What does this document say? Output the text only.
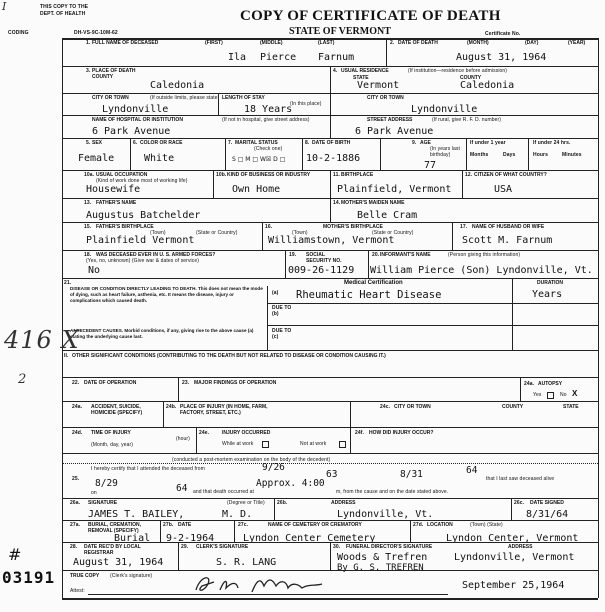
I	THIS COPY TO THE
DEPT. OF HEALTH
CODING	DH-VS-9C-10M-62
COPY OF CERTIFICATE OF DEATH
STATE OF VERMONT	Certificate No.
1. FULL NAME OF DECEASED	(FIRST)	(MIDDLE)	(LAST)	2. DATE OF DEATH	(MONTH)	(DAY)	(YEAR)
Ila Pierce Farnum	August 31, 1964
3. PLACE OF DEATH
COUNTY
Caledonia
4. USUAL RESIDENCE	(If institution—residence before admission)
STATE	COUNTY
Vermont	Caledonia
CITY OR TOWN	(If outside limits, please state) LENGTH OF STAY
(In this place)
Lyndonville	18 Years
CITY OR TOWN
Lyndonville
NAME OF HOSPITAL OR INSTITUTION	(If not in hospital, give street address)
6 Park Avenue
STREET ADDRESS	(If rural, give R. F. D. number)
6 Park Avenue
5. SEX
Female
6. COLOR OR RACE
White
7. MARITAL STATUS
(Check one)
S □ M □ W☒ D □
8. DATE OF BIRTH
10-2-1886
9. AGE
(In years last birthday)
77
If under 1 year
Months	Days
If under 24 hrs.
Hours	Minutes
10a. USUAL OCCUPATION
(Kind of work done most of working life)
Housewife
10b. KIND OF BUSINESS OR INDUSTRY
Own Home
11. BIRTHPLACE
Plainfield, Vermont
12. CITIZEN OF WHAT COUNTRY?
USA
13. FATHER'S NAME
Augustus Batchelder
14. MOTHER'S MAIDEN NAME
Belle Cram
15. FATHER'S BIRTHPLACE
(Town)	(State or Country)
Plainfield Vermont
16.	MOTHER'S BIRTHPLACE
(Town)	(State or Country)
Williamstown, Vermont
17. NAME OF HUSBAND OR WIFE
Scott M. Farnum
18. WAS DECEASED EVER IN U. S. ARMED FORCES?
(Yes, no, unknown) (Give war & dates of service)
No
19. SOCIAL SECURITY NO.
009-26-1129
20. INFORMANT'S NAME	(Person giving this information)
William Pierce (Son) Lyndonville, Vt.
21.
DISEASE OR CONDITION DIRECTLY LEADING TO DEATH. This does not mean the mode of dying, such as heart failure, asthenia, etc. It means the disease, injury or complications which caused death.
Medical Certification	DURATION
(a) Rheumatic Heart Disease	Years
DUE TO
(b)
ANTECEDENT CAUSES. Morbid conditions, if any, giving rise to the above cause (a) stating the underlying cause last.
DUE TO
(c)
II. OTHER SIGNIFICANT CONDITIONS (CONTRIBUTING TO THE DEATH BUT NOT RELATED TO DISEASE OR CONDITION CAUSING IT.)
22. DATE OF OPERATION	23. MAJOR FINDINGS OF OPERATION	24a. AUTOPSY
Yes	No X
24a. ACCIDENT, SUICIDE, HOMICIDE (SPECIFY)
24b. PLACE OF INJURY (IN HOME, FARM, FACTORY, STREET, ETC.)
24c. CITY OR TOWN	COUNTY	STATE
24d. TIME OF INJURY
(Month, day, year)
(hour)
24e.	INJURY OCCURRED
While at work	Not at work
24f. HOW DID INJURY OCCUR?
(conducted a post-mortem examination on the body of the decedent)
25.
I hereby certify that I attended the deceased from	9/26
63	8/31	64
that I last saw deceased alive
8/29
on	64 and that death occurred at
Approx. 4:00
m, from the cause and on the date stated above.
26a. SIGNATURE	(Degree or Title)
JAMES T. BAILEY,	M. D.
26b.	ADDRESS
Lyndonville, Vt.
26c. DATE SIGNED
8/31/64
27a. BURIAL, CREMATION, REMOVAL (SPECIFY)
Burial
27b. DATE
9-2-1964
27c.	NAME OF CEMETERY OR CREMATORY
Lyndon Center Cemetery
27d. LOCATION	(Town) (State)
Lyndon Center, Vermont
28. DATE REC'D BY LOCAL REGISTRAR
August 31, 1964
29. CLERK'S SIGNATURE
S. R. LANG
30. FUNERAL DIRECTOR'S SIGNATURE	ADDRESS
Woods & Trefren
By G. S. TREFREN
Lyndonville, Vermont
TRUE COPY (Clerk's signature)
Attest:	September 25,1964
416 X
2
#
03191
